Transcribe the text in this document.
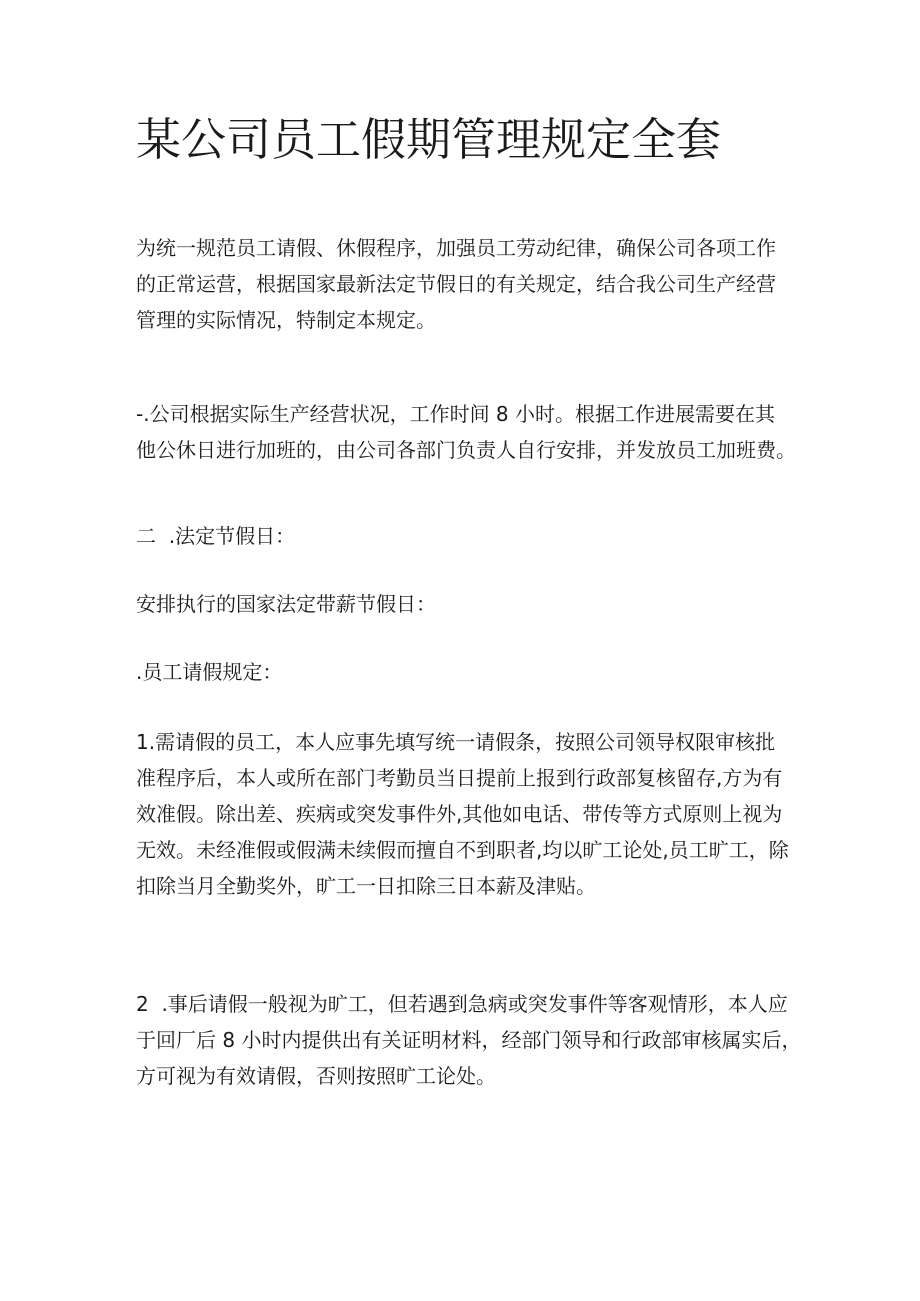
某公司员工假期管理规定全套

为统一规范员工请假、休假程序，加强员工劳动纪律，确保公司各项工作
的正常运营，根据国家最新法定节假日的有关规定，结合我公司生产经营
管理的实际情况，特制定本规定。

-.公司根据实际生产经营状况，工作时间 8 小时。根据工作进展需要在其
他公休日进行加班的，由公司各部门负责人自行安排，并发放员工加班费。

二  .法定节假日：

安排执行的国家法定带薪节假日：

.员工请假规定：

1.需请假的员工，本人应事先填写统一请假条，按照公司领导权限审核批
准程序后，本人或所在部门考勤员当日提前上报到行政部复核留存,方为有
效准假。除出差、疾病或突发事件外,其他如电话、带传等方式原则上视为
无效。未经准假或假满未续假而擅自不到职者,均以旷工论处,员工旷工，除
扣除当月全勤奖外，旷工一日扣除三日本薪及津贴。

2  .事后请假一般视为旷工，但若遇到急病或突发事件等客观情形，本人应
于回厂后 8 小时内提供出有关证明材料，经部门领导和行政部审核属实后，
方可视为有效请假，否则按照旷工论处。
